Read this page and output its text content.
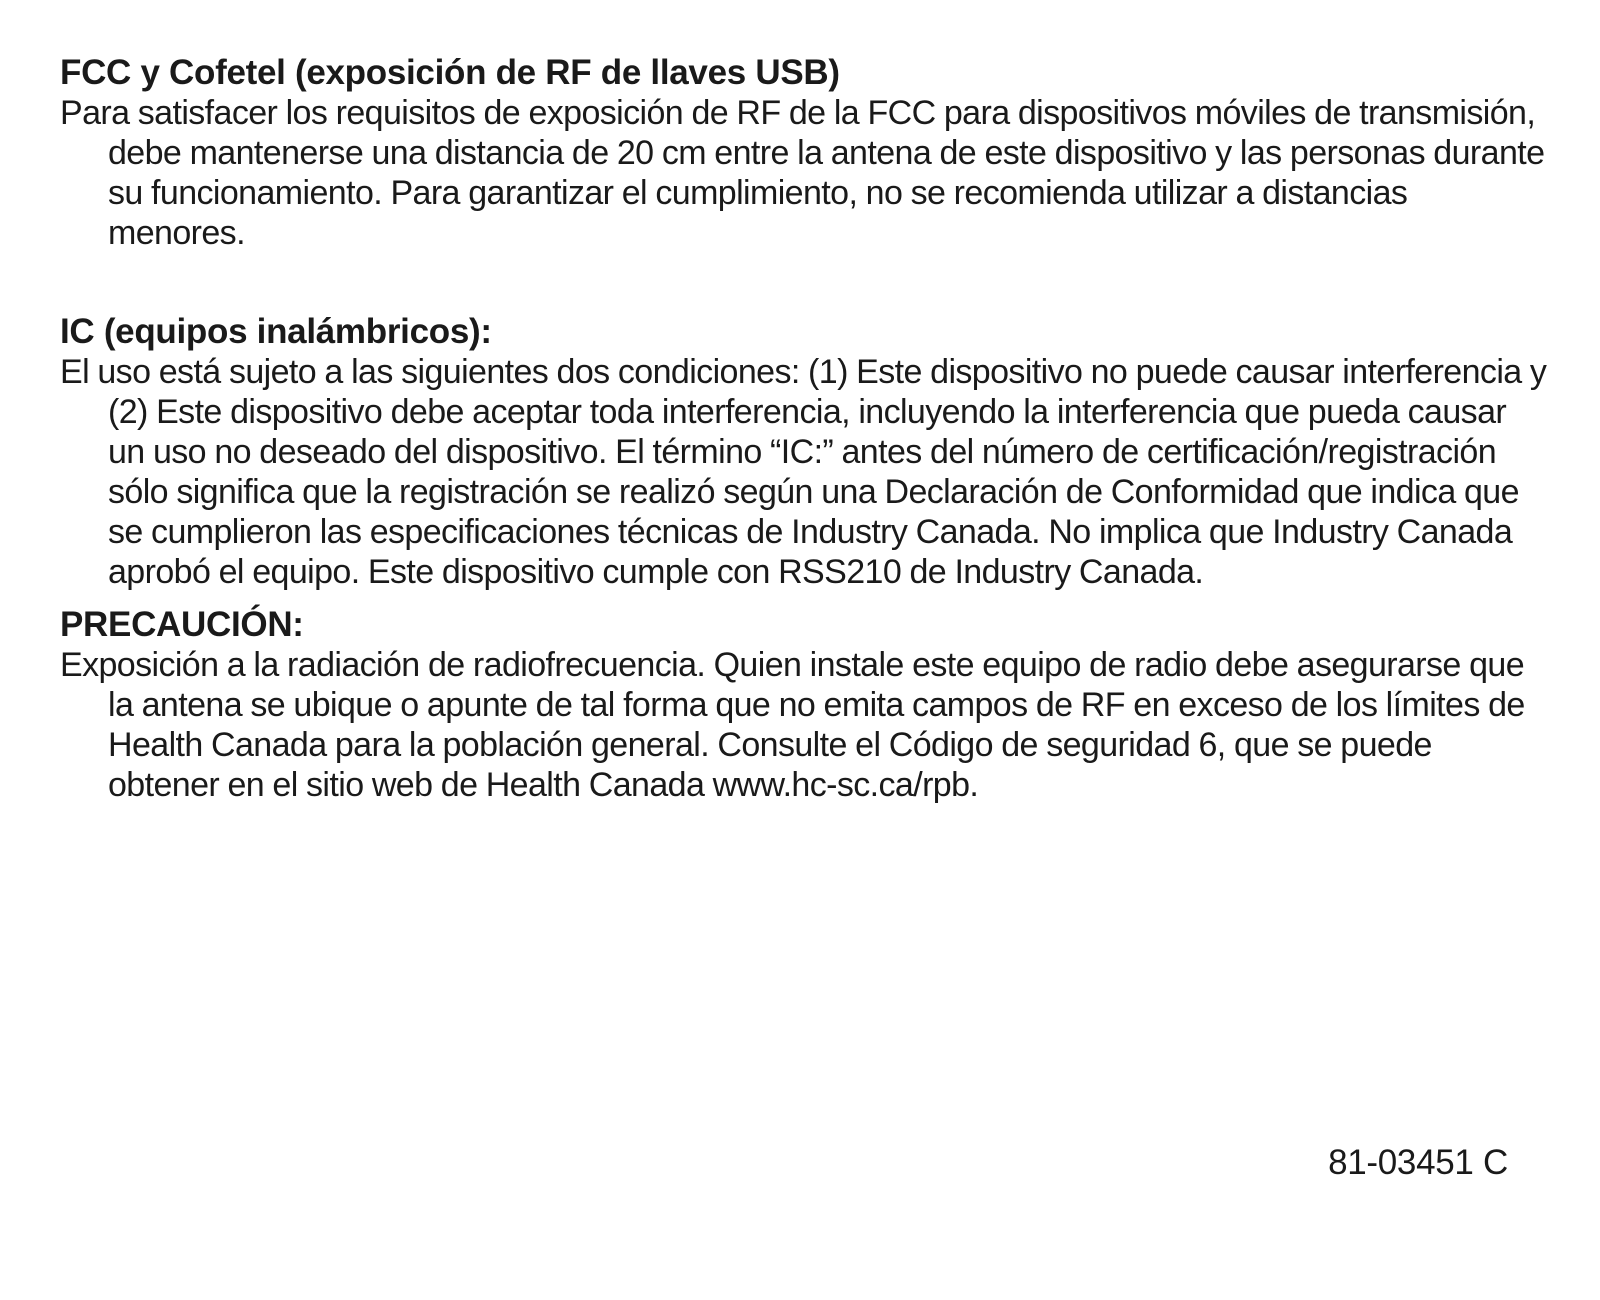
FCC y Cofetel (exposición de RF de llaves USB)

Para satisfacer los requisitos de exposición de RF de la FCC para dispositivos móviles de transmisión, debe mantenerse una distancia de 20 cm entre la antena de este dispositivo y las personas durante su funcionamiento. Para garantizar el cumplimiento, no se recomienda utilizar a distancias menores.

IC (equipos inalámbricos):

El uso está sujeto a las siguientes dos condiciones: (1) Este dispositivo no puede causar interferencia y (2) Este dispositivo debe aceptar toda interferencia, incluyendo la interferencia que pueda causar un uso no deseado del dispositivo. El término “IC:” antes del número de certificación/registración sólo significa que la registración se realizó según una Declaración de Conformidad que indica que se cumplieron las especificaciones técnicas de Industry Canada. No implica que Industry Canada aprobó el equipo. Este dispositivo cumple con RSS210 de Industry Canada.

PRECAUCIÓN:

Exposición a la radiación de radiofrecuencia. Quien instale este equipo de radio debe asegurarse que la antena se ubique o apunte de tal forma que no emita campos de RF en exceso de los límites de Health Canada para la población general. Consulte el Código de seguridad 6, que se puede obtener en el sitio web de Health Canada www.hc-sc.ca/rpb.

81-03451 C
